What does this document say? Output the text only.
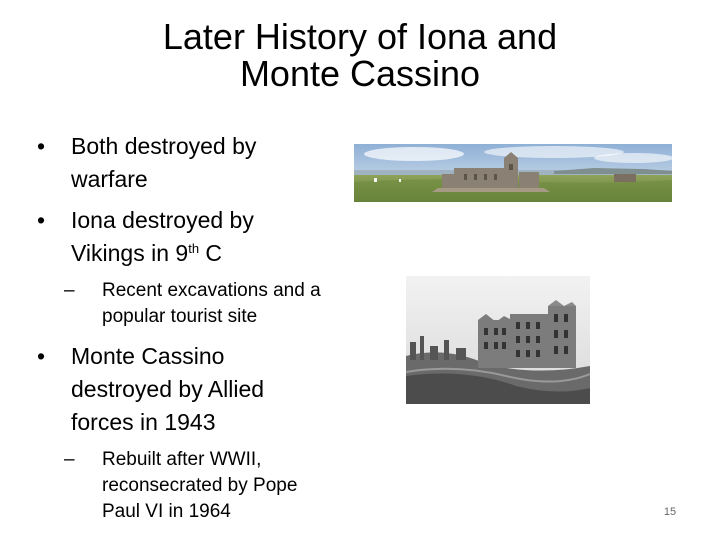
Later History of Iona and
Monte Cassino
• Both destroyed by
warfare
• Iona destroyed by
Vikings in 9th C
– Recent excavations and a
popular tourist site
• Monte Cassino
destroyed by Allied
forces in 1943
– Rebuilt after WWII,
reconsecrated by Pope
Paul VI in 1964	15
